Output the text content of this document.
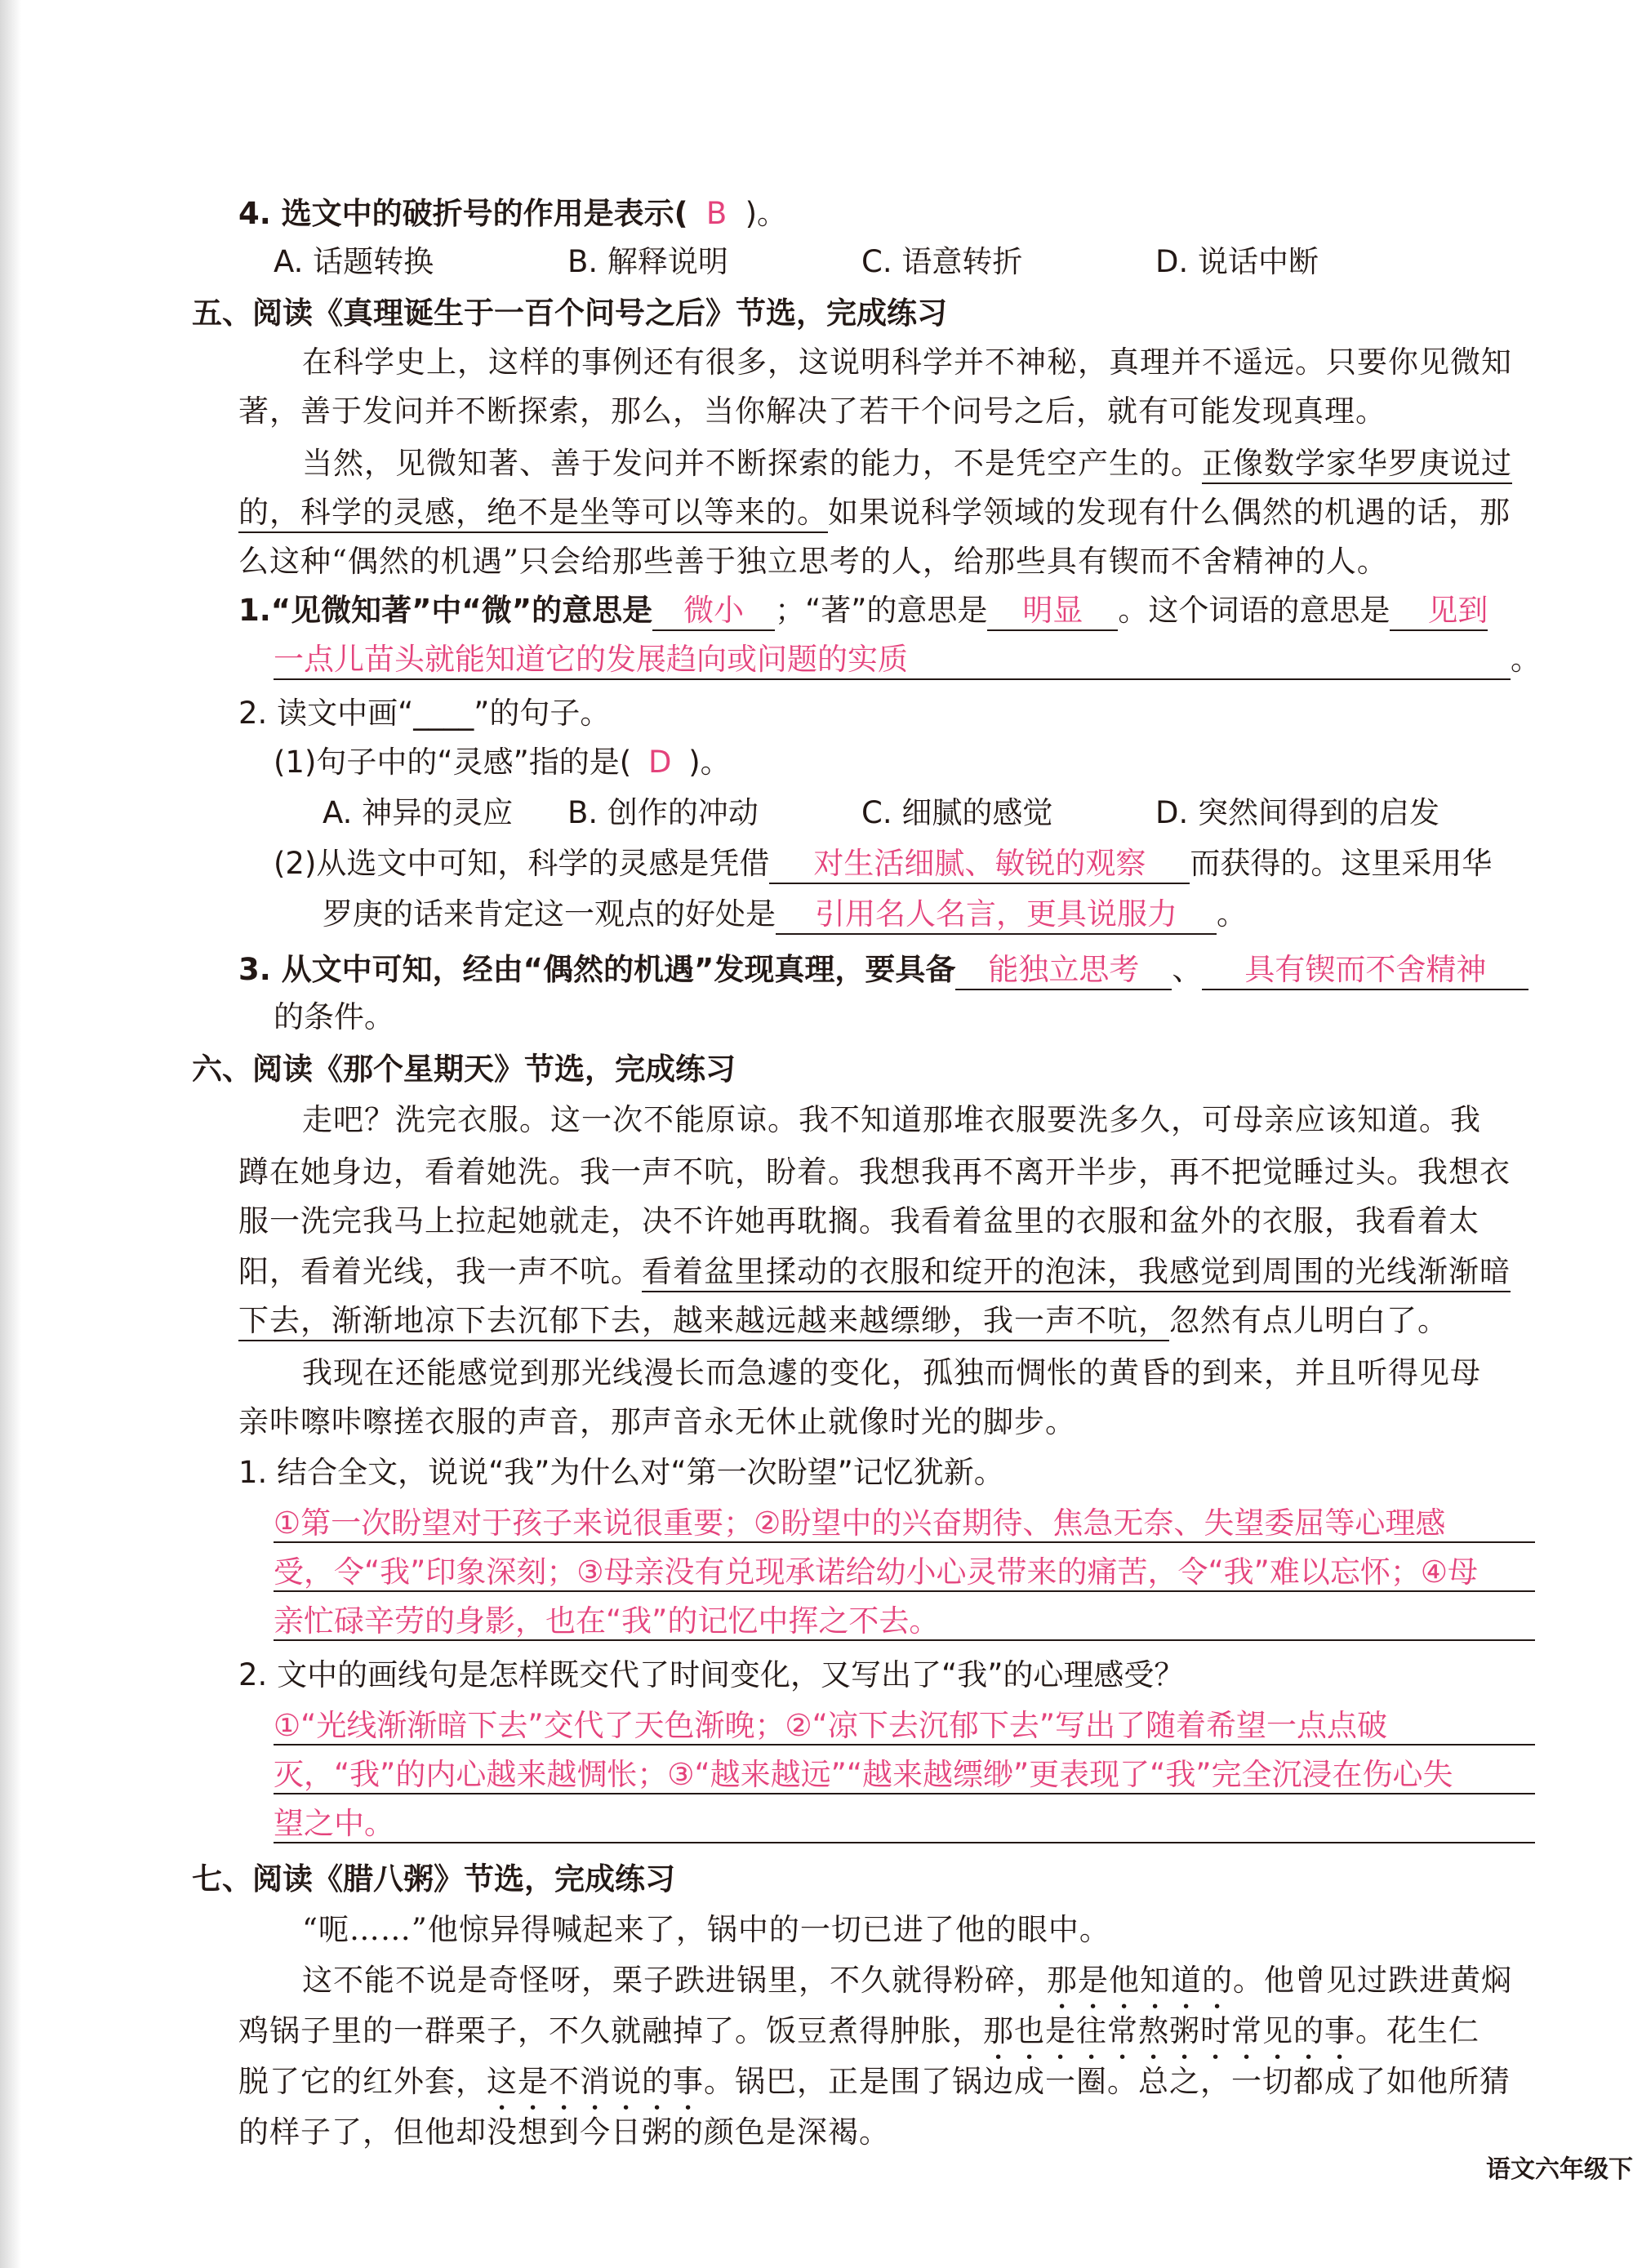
4. 选文中的破折号的作用是表示( B )。
A. 话题转换	B. 解释说明	C. 语意转折	D. 说话中断
五、阅读《真理诞生于一百个问号之后》节选，完成练习
在科学史上，这样的事例还有很多，这说明科学并不神秘，真理并不遥远。只要你见微知
著，善于发问并不断探索，那么，当你解决了若干个问号之后，就有可能发现真理。
当然，见微知著、善于发问并不断探索的能力，不是凭空产生的。正像数学家华罗庚说过
的，科学的灵感，绝不是坐等可以等来的。如果说科学领域的发现有什么偶然的机遇的话，那
么这种“偶然的机遇”只会给那些善于独立思考的人，给那些具有锲而不舍精神的人。
1.“见微知著”中“微”的意思是 微小 ；“著”的意思是 明显 。这个词语的意思是 见到
一点儿苗头就能知道它的发展趋向或问题的实质	。
2. 读文中画“____”的句子。
(1)句子中的“灵感”指的是( D )。
A. 神异的灵应 B. 创作的冲动	C. 细腻的感觉	D. 突然间得到的启发
(2)从选文中可知，科学的灵感是凭借 对生活细腻、敏锐的观察 而获得的。这里采用华
罗庚的话来肯定这一观点的好处是 引用名人名言，更具说服力 。
3. 从文中可知，经由“偶然的机遇”发现真理，要具备 能独立思考 、 具有锲而不舍精神
的条件。
六、阅读《那个星期天》节选，完成练习
走吧？洗完衣服。这一次不能原谅。我不知道那堆衣服要洗多久，可母亲应该知道。我
蹲在她身边，看着她洗。我一声不吭，盼着。我想我再不离开半步，再不把觉睡过头。我想衣
服一洗完我马上拉起她就走，决不许她再耽搁。我看着盆里的衣服和盆外的衣服，我看着太
阳，看着光线，我一声不吭。看着盆里揉动的衣服和绽开的泡沫，我感觉到周围的光线渐渐暗
下去，渐渐地凉下去沉郁下去，越来越远越来越缥缈，我一声不吭，忽然有点儿明白了。
我现在还能感觉到那光线漫长而急遽的变化，孤独而惆怅的黄昏的到来，并且听得见母
亲咔嚓咔嚓搓衣服的声音，那声音永无休止就像时光的脚步。
1. 结合全文，说说“我”为什么对“第一次盼望”记忆犹新。
①第一次盼望对于孩子来说很重要；②盼望中的兴奋期待、焦急无奈、失望委屈等心理感
受，令“我”印象深刻；③母亲没有兑现承诺给幼小心灵带来的痛苦，令“我”难以忘怀；④母
亲忙碌辛劳的身影，也在“我”的记忆中挥之不去。
2. 文中的画线句是怎样既交代了时间变化，又写出了“我”的心理感受？
①“光线渐渐暗下去”交代了天色渐晚；②“凉下去沉郁下去”写出了随着希望一点点破
灭，“我”的内心越来越惆怅；③“越来越远”“越来越缥缈”更表现了“我”完全沉浸在伤心失
望之中。
七、阅读《腊八粥》节选，完成练习
“呃……”他惊异得喊起来了，锅中的一切已进了他的眼中。
这不能不说是奇怪呀，栗子跌进锅里，不久就得粉碎，那是他知道的。他曾见过跌进黄焖
鸡锅子里的一群栗子，不久就融掉了。饭豆煮得肿胀，那也是往常熬粥时常见的事。花生仁
脱了它的红外套，这是不消说的事。锅巴，正是围了锅边成一圈。总之，一切都成了如他所猜
的样子了，但他却没想到今日粥的颜色是深褐。
语文六年级下
